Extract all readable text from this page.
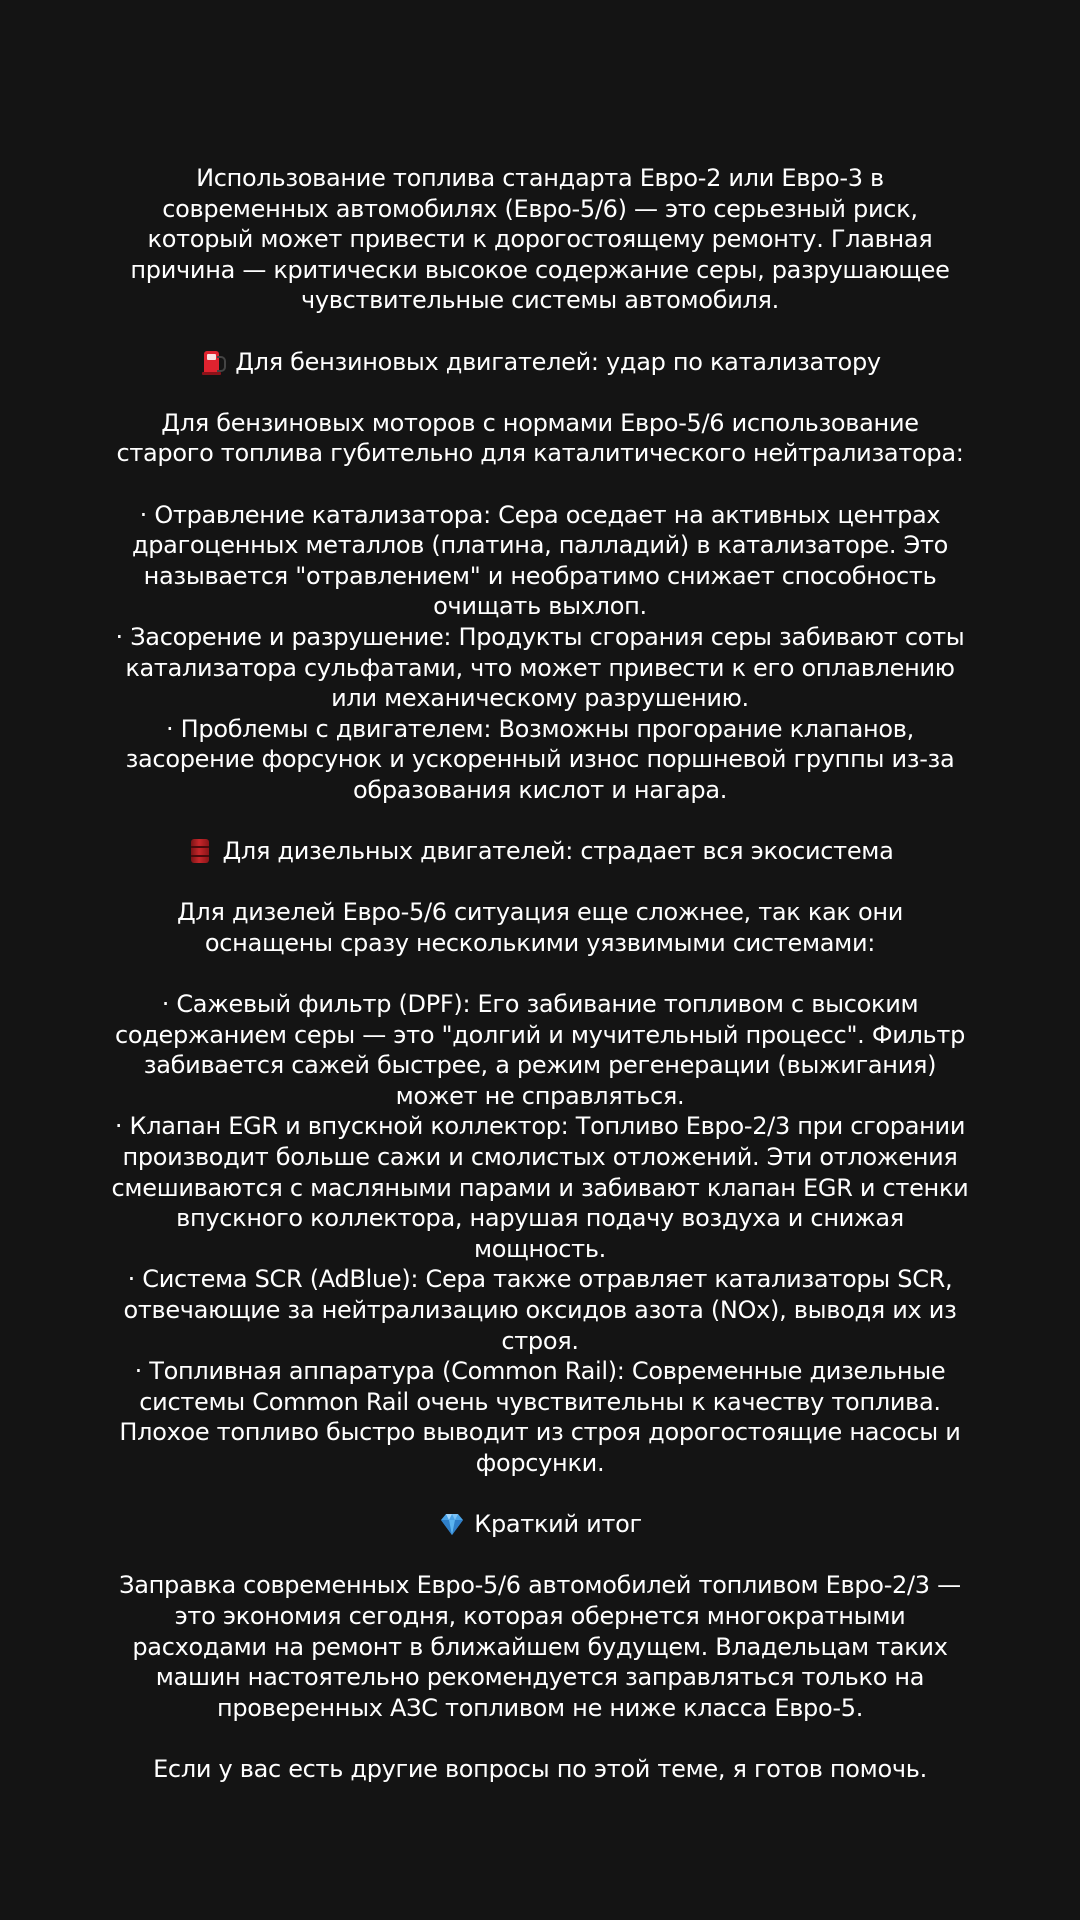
Использование топлива стандарта Евро-2 или Евро-3 в
современных автомобилях (Евро-5/6) — это серьезный риск,
который может привести к дорогостоящему ремонту. Главная
причина — критически высокое содержание серы, разрушающее
чувствительные системы автомобиля.

Для бензиновых двигателей: удар по катализатору

Для бензиновых моторов с нормами Евро-5/6 использование
старого топлива губительно для каталитического нейтрализатора:

· Отравление катализатора: Сера оседает на активных центрах
драгоценных металлов (платина, палладий) в катализаторе. Это
называется "отравлением" и необратимо снижает способность
очищать выхлоп.

· Засорение и разрушение: Продукты сгорания серы забивают соты
катализатора сульфатами, что может привести к его оплавлению
или механическому разрушению.

· Проблемы с двигателем: Возможны прогорание клапанов,
засорение форсунок и ускоренный износ поршневой группы из-за
образования кислот и нагара.

Для дизельных двигателей: страдает вся экосистема

Для дизелей Евро-5/6 ситуация еще сложнее, так как они
оснащены сразу несколькими уязвимыми системами:

· Сажевый фильтр (DPF): Его забивание топливом с высоким
содержанием серы — это "долгий и мучительный процесс". Фильтр
забивается сажей быстрее, а режим регенерации (выжигания)
может не справляться.

· Клапан EGR и впускной коллектор: Топливо Евро-2/3 при сгорании
производит больше сажи и смолистых отложений. Эти отложения
смешиваются с масляными парами и забивают клапан EGR и стенки
впускного коллектора, нарушая подачу воздуха и снижая
мощность.

· Система SCR (AdBlue): Сера также отравляет катализаторы SCR,
отвечающие за нейтрализацию оксидов азота (NOx), выводя их из
строя.

· Топливная аппаратура (Common Rail): Современные дизельные
системы Common Rail очень чувствительны к качеству топлива.
Плохое топливо быстро выводит из строя дорогостоящие насосы и
форсунки.

Краткий итог

Заправка современных Евро-5/6 автомобилей топливом Евро-2/3 —
это экономия сегодня, которая обернется многократными
расходами на ремонт в ближайшем будущем. Владельцам таких
машин настоятельно рекомендуется заправляться только на
проверенных АЗС топливом не ниже класса Евро-5.

Если у вас есть другие вопросы по этой теме, я готов помочь.
